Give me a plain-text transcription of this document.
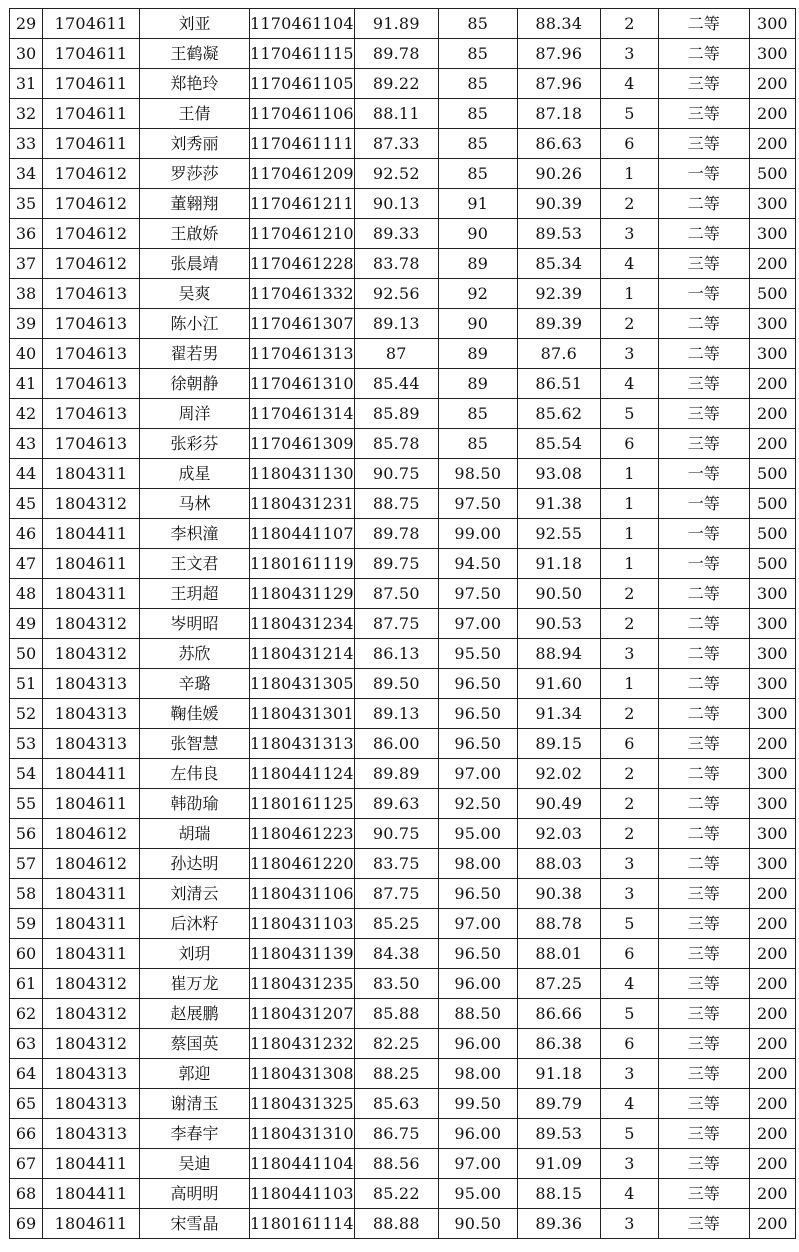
29	1704611	刘亚	1170461104	91.89	85	88.34	2	二等	300
30	1704611	王鹤凝	1170461115	89.78	85	87.96	3	二等	300
31	1704611	郑艳玲	1170461105	89.22	85	87.96	4	三等	200
32	1704611	王倩	1170461106	88.11	85	87.18	5	三等	200
33	1704611	刘秀丽	1170461111	87.33	85	86.63	6	三等	200
34	1704612	罗莎莎	1170461209	92.52	85	90.26	1	一等	500
35	1704612	董翱翔	1170461211	90.13	91	90.39	2	二等	300
36	1704612	王啟娇	1170461210	89.33	90	89.53	3	二等	300
37	1704612	张晨靖	1170461228	83.78	89	85.34	4	三等	200
38	1704613	吴爽	1170461332	92.56	92	92.39	1	一等	500
39	1704613	陈小江	1170461307	89.13	90	89.39	2	二等	300
40	1704613	翟若男	1170461313	87	89	87.6	3	二等	300
41	1704613	徐朝静	1170461310	85.44	89	86.51	4	三等	200
42	1704613	周洋	1170461314	85.89	85	85.62	5	三等	200
43	1704613	张彩芬	1170461309	85.78	85	85.54	6	三等	200
44	1804311	成星	1180431130	90.75	98.50	93.08	1	一等	500
45	1804312	马林	1180431231	88.75	97.50	91.38	1	一等	500
46	1804411	李枳潼	1180441107	89.78	99.00	92.55	1	一等	500
47	1804611	王文君	1180161119	89.75	94.50	91.18	1	一等	500
48	1804311	王玥超	1180431129	87.50	97.50	90.50	2	二等	300
49	1804312	岑明昭	1180431234	87.75	97.00	90.53	2	二等	300
50	1804312	苏欣	1180431214	86.13	95.50	88.94	3	二等	300
51	1804313	辛璐	1180431305	89.50	96.50	91.60	1	二等	300
52	1804313	鞠佳媛	1180431301	89.13	96.50	91.34	2	二等	300
53	1804313	张智慧	1180431313	86.00	96.50	89.15	6	三等	200
54	1804411	左伟良	1180441124	89.89	97.00	92.02	2	二等	300
55	1804611	韩劭瑜	1180161125	89.63	92.50	90.49	2	二等	300
56	1804612	胡瑞	1180461223	90.75	95.00	92.03	2	二等	300
57	1804612	孙达明	1180461220	83.75	98.00	88.03	3	二等	300
58	1804311	刘清云	1180431106	87.75	96.50	90.38	3	三等	200
59	1804311	后沐籽	1180431103	85.25	97.00	88.78	5	三等	200
60	1804311	刘玥	1180431139	84.38	96.50	88.01	6	三等	200
61	1804312	崔万龙	1180431235	83.50	96.00	87.25	4	三等	200
62	1804312	赵展鹏	1180431207	85.88	88.50	86.66	5	三等	200
63	1804312	蔡国英	1180431232	82.25	96.00	86.38	6	三等	200
64	1804313	郭迎	1180431308	88.25	98.00	91.18	3	三等	200
65	1804313	谢清玉	1180431325	85.63	99.50	89.79	4	三等	200
66	1804313	李春宇	1180431310	86.75	96.00	89.53	5	三等	200
67	1804411	吴迪	1180441104	88.56	97.00	91.09	3	三等	200
68	1804411	高明明	1180441103	85.22	95.00	88.15	4	三等	200
69	1804611	宋雪晶	1180161114	88.88	90.50	89.36	3	三等	200
